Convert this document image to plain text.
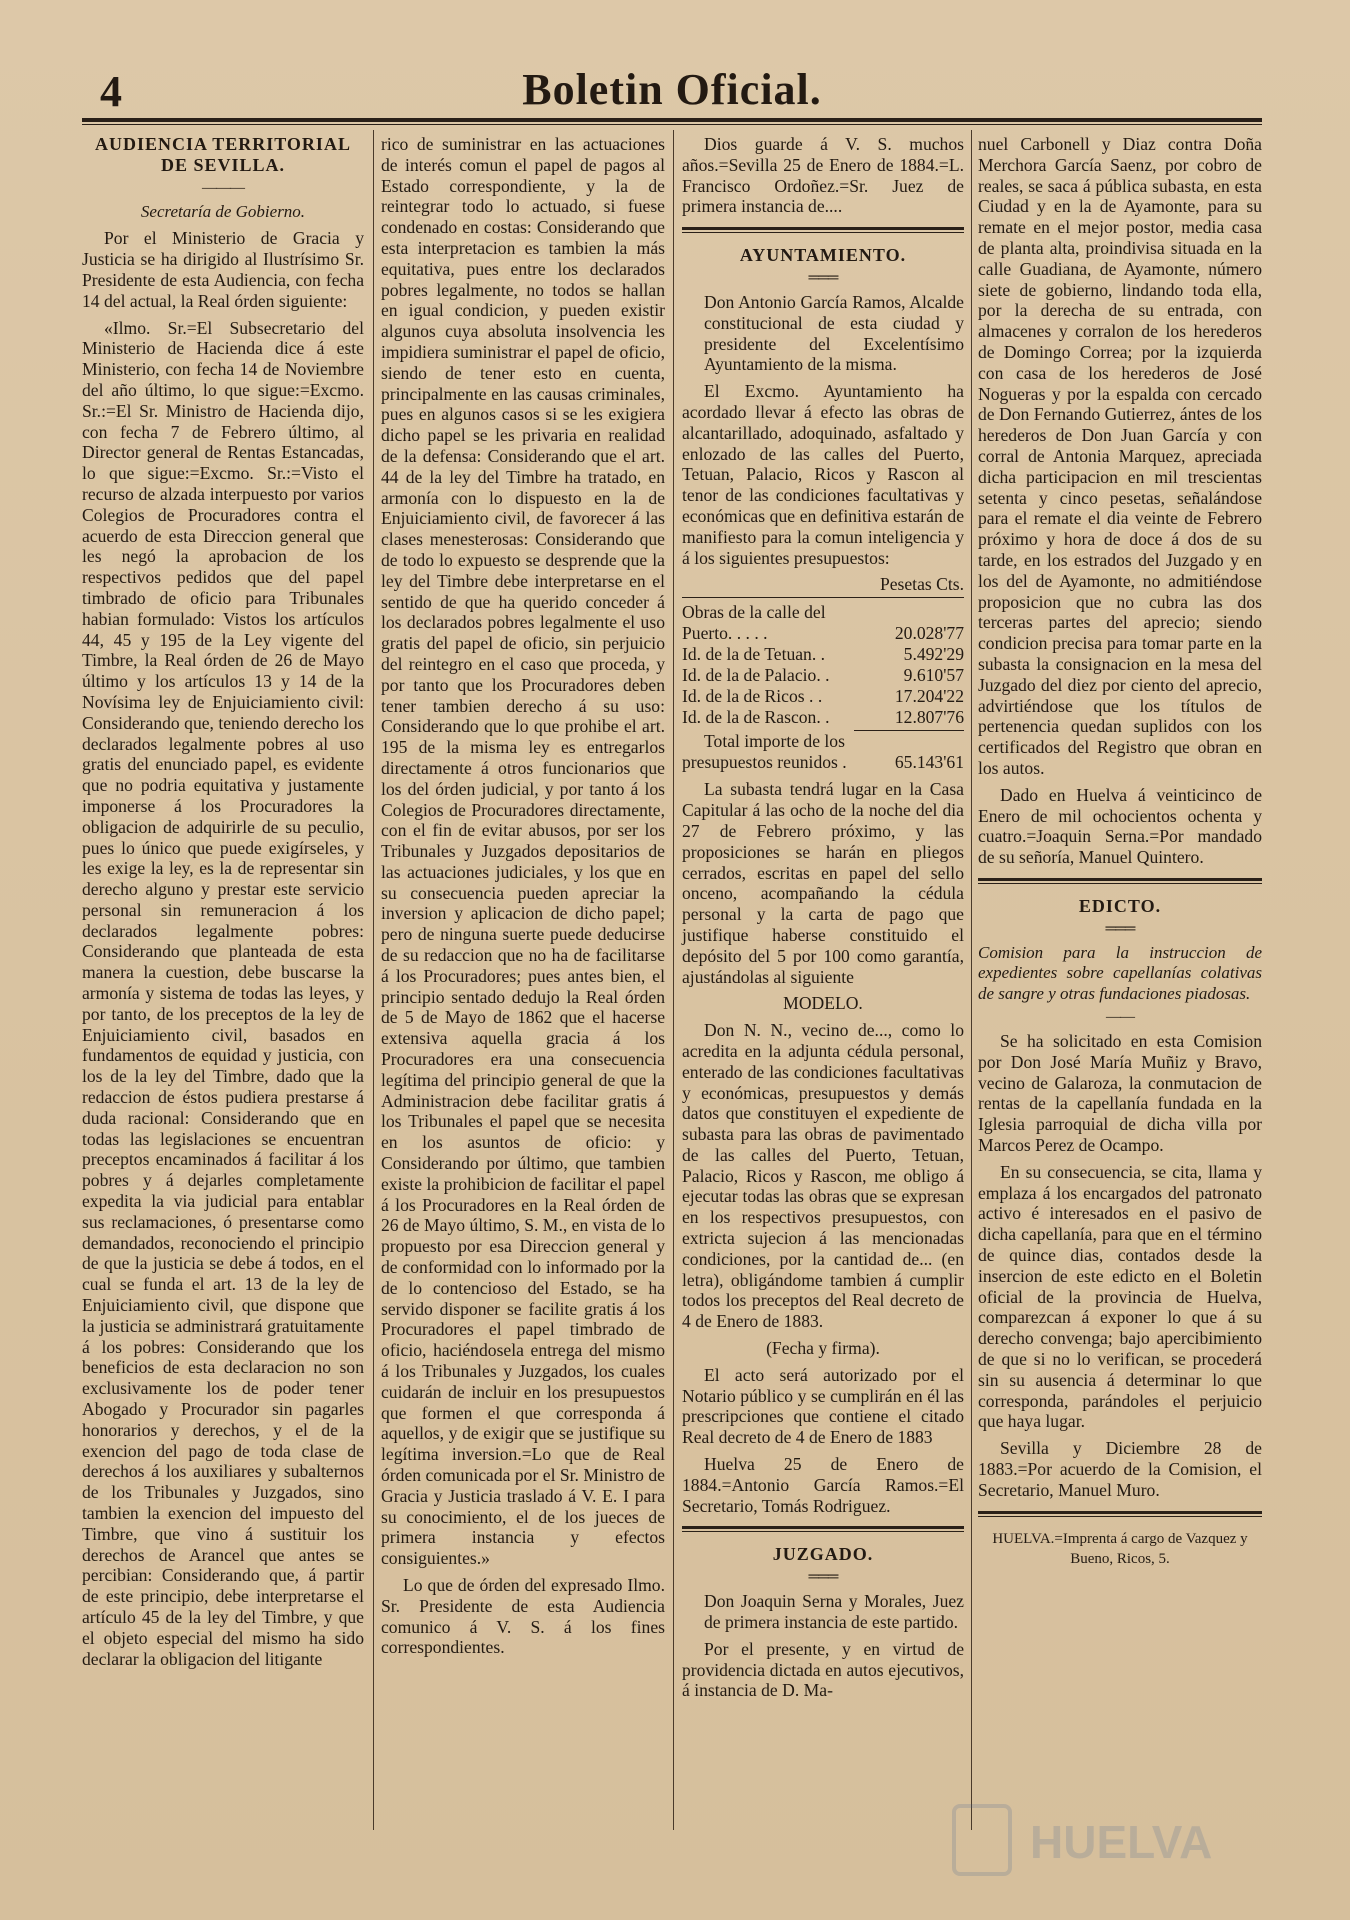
4	Boletin Oficial.

AUDIENCIA TERRITORIAL DE SEVILLA.

———

Secretaría de Gobierno.

Por el Ministerio de Gracia y Justicia se ha dirigido al Ilustrísimo Sr. Presidente de esta Audiencia, con fecha 14 del actual, la Real órden siguiente:

«Ilmo. Sr.=El Subsecretario del Ministerio de Hacienda dice á este Ministerio, con fecha 14 de Noviembre del año último, lo que sigue:=Excmo. Sr.:=El Sr. Ministro de Hacienda dijo, con fecha 7 de Febrero último, al Director general de Rentas Estancadas, lo que sigue:=Excmo. Sr.:=Visto el recurso de alzada interpuesto por varios Colegios de Procuradores contra el acuerdo de esta Direccion general que les negó la aprobacion de los respectivos pedidos que del papel timbrado de oficio para Tribunales habian formulado: Vistos los artículos 44, 45 y 195 de la Ley vigente del Timbre, la Real órden de 26 de Mayo último y los artículos 13 y 14 de la Novísima ley de Enjuiciamiento civil: Considerando que, teniendo derecho los declarados legalmente pobres al uso gratis del enunciado papel, es evidente que no podria equitativa y justamente imponerse á los Procuradores la obligacion de adquirirle de su peculio, pues lo único que puede exigírseles, y les exige la ley, es la de representar sin derecho alguno y prestar este servicio personal sin remuneracion á los declarados legalmente pobres: Considerando que planteada de esta manera la cuestion, debe buscarse la armonía y sistema de todas las leyes, y por tanto, de los preceptos de la ley de Enjuiciamiento civil, basados en fundamentos de equidad y justicia, con los de la ley del Timbre, dado que la redaccion de éstos pudiera prestarse á duda racional: Considerando que en todas las legislaciones se encuentran preceptos encaminados á facilitar á los pobres y á dejarles completamente expedita la via judicial para entablar sus reclamaciones, ó presentarse como demandados, reconociendo el principio de que la justicia se debe á todos, en el cual se funda el art. 13 de la ley de Enjuiciamiento civil, que dispone que la justicia se administrará gratuitamente á los pobres: Considerando que los beneficios de esta declaracion no son exclusivamente los de poder tener Abogado y Procurador sin pagarles honorarios y derechos, y el de la exencion del pago de toda clase de derechos á los auxiliares y subalternos de los Tribunales y Juzgados, sino tambien la exencion del impuesto del Timbre, que vino á sustituir los derechos de Arancel que antes se percibian: Considerando que, á partir de este principio, debe interpretarse el artículo 45 de la ley del Timbre, y que el objeto especial del mismo ha sido declarar la obligacion del litigante

rico de suministrar en las actuaciones de interés comun el papel de pagos al Estado correspondiente, y la de reintegrar todo lo actuado, si fuese condenado en costas: Considerando que esta interpretacion es tambien la más equitativa, pues entre los declarados pobres legalmente, no todos se hallan en igual condicion, y pueden existir algunos cuya absoluta insolvencia les impidiera suministrar el papel de oficio, siendo de tener esto en cuenta, principalmente en las causas criminales, pues en algunos casos si se les exigiera dicho papel se les privaria en realidad de la defensa: Considerando que el art. 44 de la ley del Timbre ha tratado, en armonía con lo dispuesto en la de Enjuiciamiento civil, de favorecer á las clases menesterosas: Considerando que de todo lo expuesto se desprende que la ley del Timbre debe interpretarse en el sentido de que ha querido conceder á los declarados pobres legalmente el uso gratis del papel de oficio, sin perjuicio del reintegro en el caso que proceda, y por tanto que los Procuradores deben tener tambien derecho á su uso: Considerando que lo que prohibe el art. 195 de la misma ley es entregarlos directamente á otros funcionarios que los del órden judicial, y por tanto á los Colegios de Procuradores directamente, con el fin de evitar abusos, por ser los Tribunales y Juzgados depositarios de las actuaciones judiciales, y los que en su consecuencia pueden apreciar la inversion y aplicacion de dicho papel; pero de ninguna suerte puede deducirse de su redaccion que no ha de facilitarse á los Procuradores; pues antes bien, el principio sentado dedujo la Real órden de 5 de Mayo de 1862 que el hacerse extensiva aquella gracia á los Procuradores era una consecuencia legítima del principio general de que la Administracion debe facilitar gratis á los Tribunales el papel que se necesita en los asuntos de oficio: y Considerando por último, que tambien existe la prohibicion de facilitar el papel á los Procuradores en la Real órden de 26 de Mayo último, S. M., en vista de lo propuesto por esa Direccion general y de conformidad con lo informado por la de lo contencioso del Estado, se ha servido disponer se facilite gratis á los Procuradores el papel timbrado de oficio, haciéndosela entrega del mismo á los Tribunales y Juzgados, los cuales cuidarán de incluir en los presupuestos que formen el que corresponda á aquellos, y de exigir que se justifique su legítima inversion.=Lo que de Real órden comunicada por el Sr. Ministro de Gracia y Justicia traslado á V. E. I para su conocimiento, el de los jueces de primera instancia y efectos consiguientes.»

Lo que de órden del expresado Ilmo. Sr. Presidente de esta Audiencia comunico á V. S. á los fines correspondientes.

Dios guarde á V. S. muchos años.=Sevilla 25 de Enero de 1884.=L. Francisco Ordoñez.=Sr. Juez de primera instancia de....

AYUNTAMIENTO.

═══

Don Antonio García Ramos, Alcalde constitucional de esta ciudad y presidente del Excelentísimo Ayuntamiento de la misma.

El Excmo. Ayuntamiento ha acordado llevar á efecto las obras de alcantarillado, adoquinado, asfaltado y enlozado de las calles del Puerto, Tetuan, Palacio, Ricos y Rascon al tenor de las condiciones facultativas y económicas que en definitiva estarán de manifiesto para la comun inteligencia y á los siguientes presupuestos:

Pesetas Cts.
Obras de la calle del
Puerto. . . . .	20.028'77
Id. de la de Tetuan. .	5.492'29
Id. de la de Palacio. .	9.610'57
Id. de la de Ricos . .	17.204'22
Id. de la de Rascon. .	12.807'76
Total importe de los
presupuestos reunidos .	65.143'61

La subasta tendrá lugar en la Casa Capitular á las ocho de la noche del dia 27 de Febrero próximo, y las proposiciones se harán en pliegos cerrados, escritas en papel del sello onceno, acompañando la cédula personal y la carta de pago que justifique haberse constituido el depósito del 5 por 100 como garantía, ajustándolas al siguiente

MODELO.

Don N. N., vecino de..., como lo acredita en la adjunta cédula personal, enterado de las condiciones facultativas y económicas, presupuestos y demás datos que constituyen el expediente de subasta para las obras de pavimentado de las calles del Puerto, Tetuan, Palacio, Ricos y Rascon, me obligo á ejecutar todas las obras que se expresan en los respectivos presupuestos, con extricta sujecion á las mencionadas condiciones, por la cantidad de... (en letra), obligándome tambien á cumplir todos los preceptos del Real decreto de 4 de Enero de 1883.

(Fecha y firma).

El acto será autorizado por el Notario público y se cumplirán en él las prescripciones que contiene el citado Real decreto de 4 de Enero de 1883

Huelva 25 de Enero de 1884.=Antonio García Ramos.=El Secretario, Tomás Rodriguez.

JUZGADO.

═══

Don Joaquin Serna y Morales, Juez de primera instancia de este partido.

Por el presente, y en virtud de providencia dictada en autos ejecutivos, á instancia de D. Ma-

nuel Carbonell y Diaz contra Doña Merchora García Saenz, por cobro de reales, se saca á pública subasta, en esta Ciudad y en la de Ayamonte, para su remate en el mejor postor, media casa de planta alta, proindivisa situada en la calle Guadiana, de Ayamonte, número siete de gobierno, lindando toda ella, por la derecha de su entrada, con almacenes y corralon de los herederos de Domingo Correa; por la izquierda con casa de los herederos de José Nogueras y por la espalda con cercado de Don Fernando Gutierrez, ántes de los herederos de Don Juan García y con corral de Antonia Marquez, apreciada dicha participacion en mil trescientas setenta y cinco pesetas, señalándose para el remate el dia veinte de Febrero próximo y hora de doce á dos de su tarde, en los estrados del Juzgado y en los del de Ayamonte, no admitiéndose proposicion que no cubra las dos terceras partes del aprecio; siendo condicion precisa para tomar parte en la subasta la consignacion en la mesa del Juzgado del diez por ciento del aprecio, advirtiéndose que los títulos de pertenencia quedan suplidos con los certificados del Registro que obran en los autos.

Dado en Huelva á veinticinco de Enero de mil ochocientos ochenta y cuatro.=Joaquin Serna.=Por mandado de su señoría, Manuel Quintero.

EDICTO.

═══

Comision para la instruccion de expedientes sobre capellanías colativas de sangre y otras fundaciones piadosas.

——

Se ha solicitado en esta Comision por Don José María Muñiz y Bravo, vecino de Galaroza, la conmutacion de rentas de la capellanía fundada en la Iglesia parroquial de dicha villa por Marcos Perez de Ocampo.

En su consecuencia, se cita, llama y emplaza á los encargados del patronato activo é interesados en el pasivo de dicha capellanía, para que en el término de quince dias, contados desde la insercion de este edicto en el Boletin oficial de la provincia de Huelva, comparezcan á exponer lo que á su derecho convenga; bajo apercibimiento de que si no lo verifican, se procederá sin su ausencia á determinar lo que corresponda, parándoles el perjuicio que haya lugar.

Sevilla y Diciembre 28 de 1883.=Por acuerdo de la Comision, el Secretario, Manuel Muro.

HUELVA.=Imprenta á cargo de Vazquez y Bueno, Ricos, 5.

HUELVA
